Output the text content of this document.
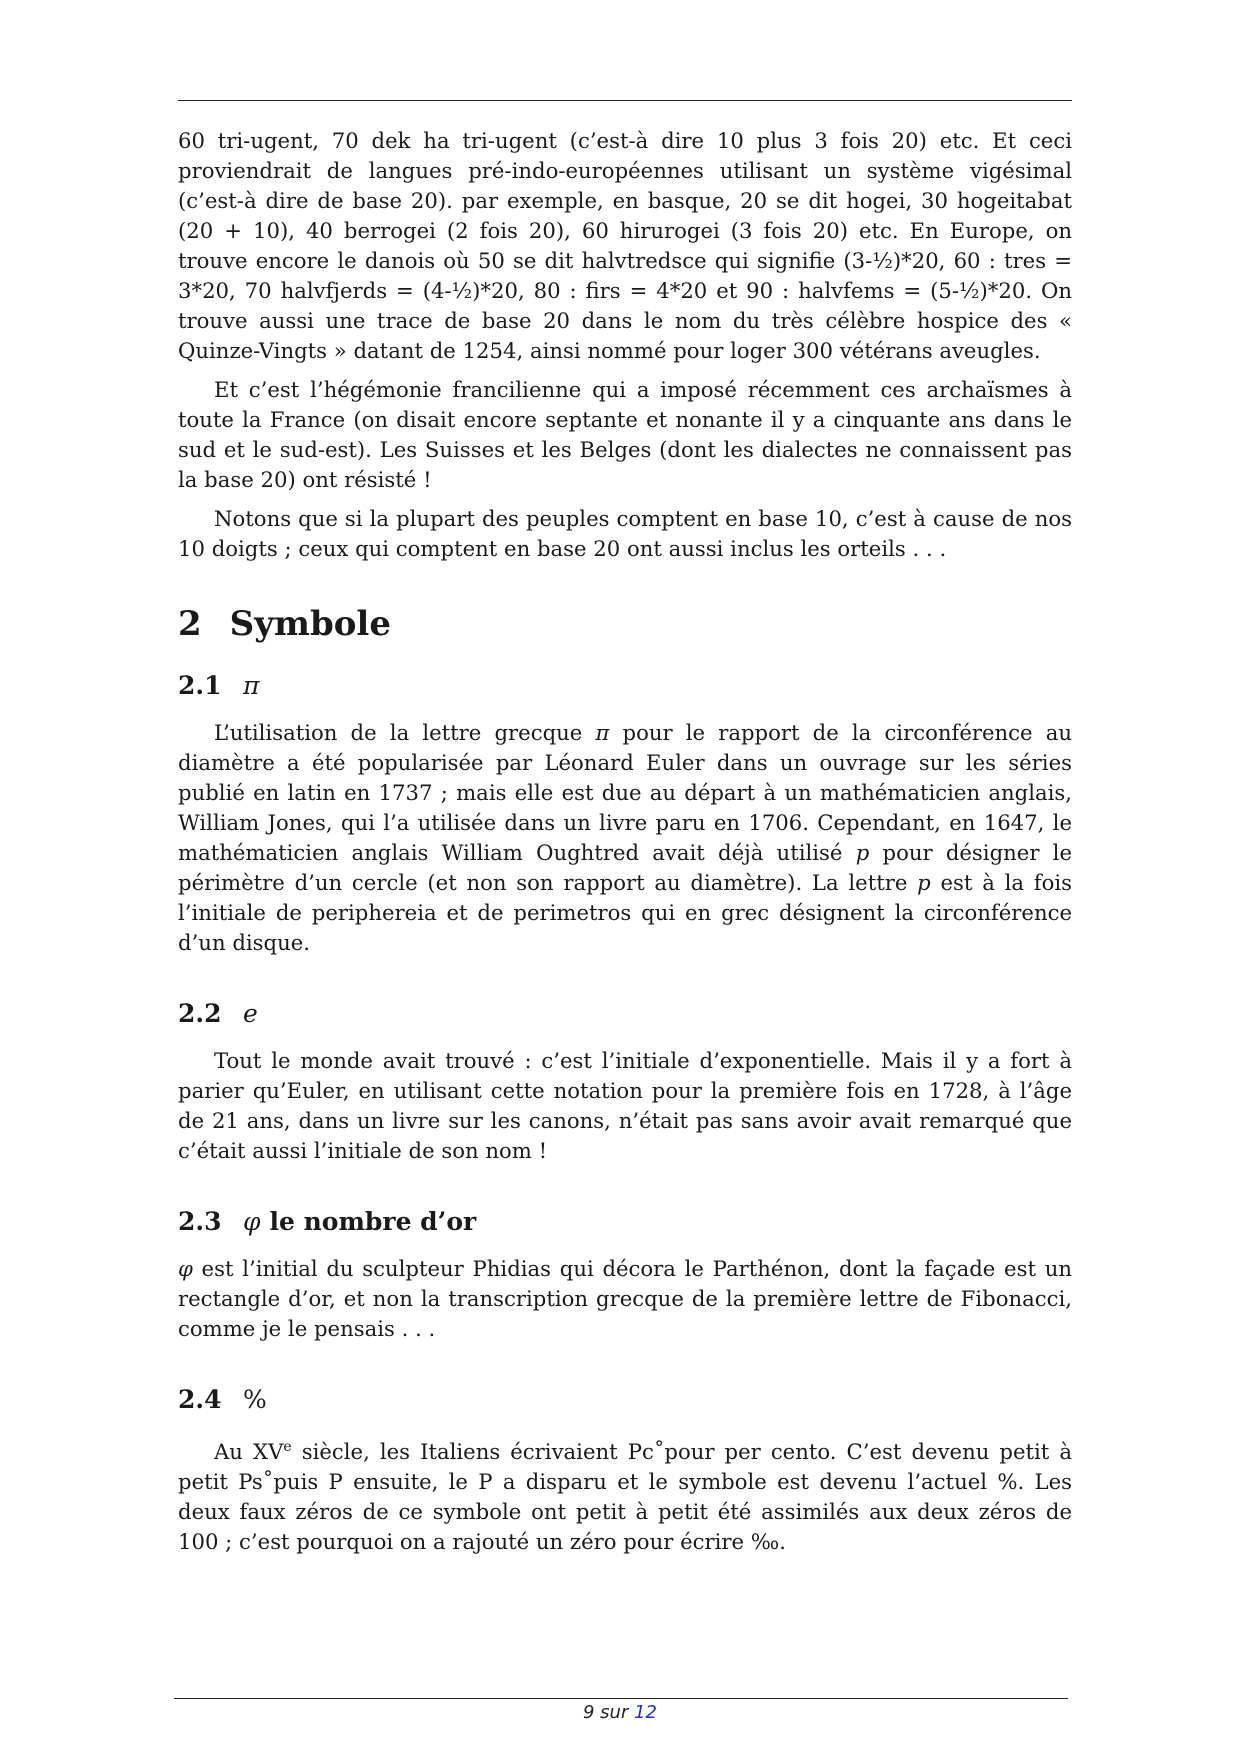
60 tri-ugent, 70 dek ha tri-ugent (c’est-à dire 10 plus 3 fois 20) etc. Et ceci proviendrait de langues pré-indo-européennes utilisant un système vigésimal (c’est-à dire de base 20). par exemple, en basque, 20 se dit hogei, 30 hogeitabat (20 + 10), 40 berrogei (2 fois 20), 60 hirurogei (3 fois 20) etc. En Europe, on trouve encore le danois où 50 se dit halvtredsce qui signifie (3-½)*20, 60 : tres = 3*20, 70 halvfjerds = (4-½)*20, 80 : firs = 4*20 et 90 : halvfems = (5-½)*20. On trouve aussi une trace de base 20 dans le nom du très célèbre hospice des « Quinze-Vingts » datant de 1254, ainsi nommé pour loger 300 vétérans aveugles.

Et c’est l’hégémonie francilienne qui a imposé récemment ces archaïsmes à toute la France (on disait encore septante et nonante il y a cinquante ans dans le sud et le sud-est). Les Suisses et les Belges (dont les dialectes ne connaissent pas la base 20) ont résisté !

Notons que si la plupart des peuples comptent en base 10, c’est à cause de nos 10 doigts ; ceux qui comptent en base 20 ont aussi inclus les orteils . . .

2 Symbole
2.1 π

L’utilisation de la lettre grecque π pour le rapport de la circonférence au diamètre a été popularisée par Léonard Euler dans un ouvrage sur les séries publié en latin en 1737 ; mais elle est due au départ à un mathématicien anglais, William Jones, qui l’a utilisée dans un livre paru en 1706. Cependant, en 1647, le mathématicien anglais William Oughtred avait déjà utilisé p pour désigner le périmètre d’un cercle (et non son rapport au diamètre). La lettre p est à la fois l’initiale de periphereia et de perimetros qui en grec désignent la circonférence d’un disque.

2.2 e

Tout le monde avait trouvé : c’est l’initiale d’exponentielle. Mais il y a fort à parier qu’Euler, en utilisant cette notation pour la première fois en 1728, à l’âge de 21 ans, dans un livre sur les canons, n’était pas sans avoir avait remarqué que c’était aussi l’initiale de son nom !

2.3 φ le nombre d’or

φ est l’initial du sculpteur Phidias qui décora le Parthénon, dont la façade est un rectangle d’or, et non la transcription grecque de la première lettre de Fibonacci, comme je le pensais . . .

2.4 %

Au XVe siècle, les Italiens écrivaient Pc˚pour per cento. C’est devenu petit à petit Ps˚puis P ensuite, le P a disparu et le symbole est devenu l’actuel %. Les deux faux zéros de ce symbole ont petit à petit été assimilés aux deux zéros de 100 ; c’est pourquoi on a rajouté un zéro pour écrire ‰.

9 sur 12
